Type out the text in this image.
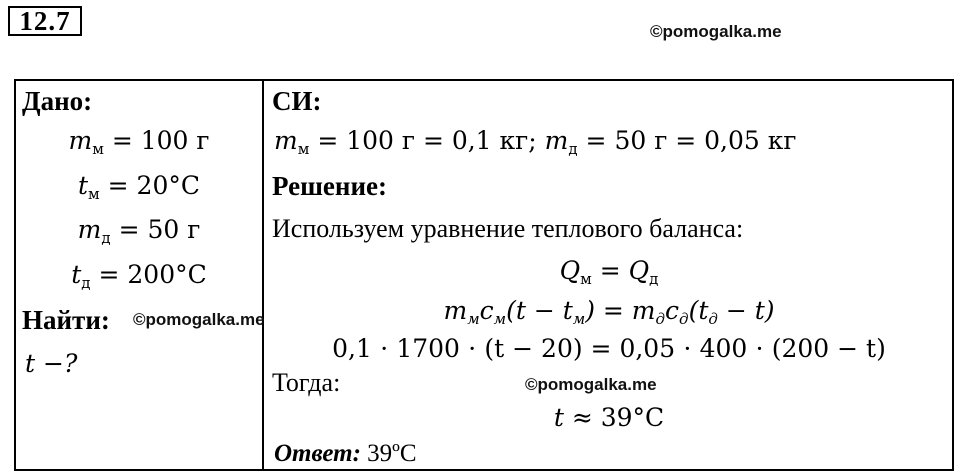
12.7	©pomogalka.me
Дано:
$m_м = 100$ г
$t_м = 20^\circ C$
$m_д = 50$ г
$t_д = 200^\circ C$
Найти: ©pomogalka.me
t −?
СИ:
$m_м = 100$ г = 0,1 кг; $m_д = 50$ г = 0,05 кг
Решение:
Используем уравнение теплового баланса:
$Q_м = Q_д$
$m_мc_м(t - t_м) = m_дc_д(t_д - t)$
0,1 ⋅ 1700 ⋅ (t − 20) = 0,05 ⋅ 400 ⋅ (200 − t)
Тогда:	©pomogalka.me
t ≈ 39°C
Ответ: 39ºC
